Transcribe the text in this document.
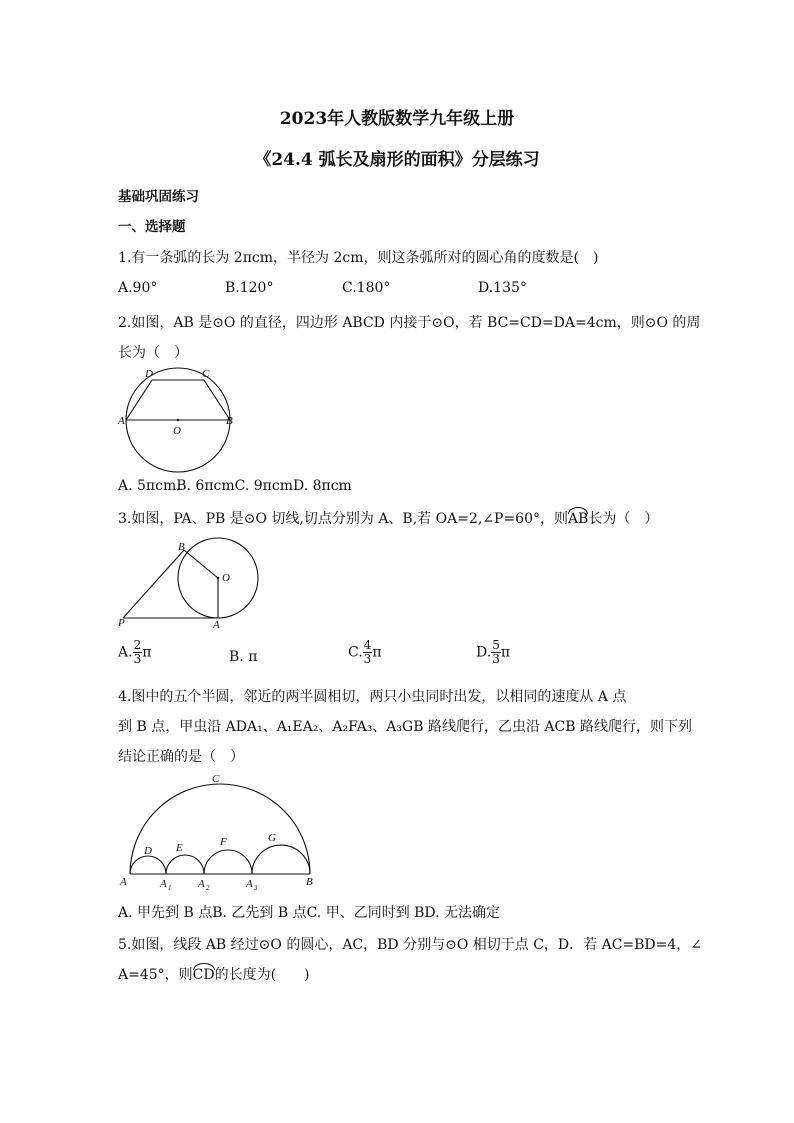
2023年人教版数学九年级上册
《24.4 弧长及扇形的面积》分层练习
基础巩固练习
一、选择题
1.有一条弧的长为 2πcm，半径为 2cm，则这条弧所对的圆心角的度数是(　)
A.90°	B.120°	C.180°	D.135°
2.如图，AB 是⊙O 的直径，四边形 ABCD 内接于⊙O，若 BC=CD=DA=4cm，则⊙O 的周
长为（　）
A	B
C
D
O
A. 5πcmB. 6πcmC. 9πcmD. 8πcm
3.如图，PA、PB 是⊙O 切线,切点分别为 A、B,若 OA=2,∠P=60°，则AB长为（　）
B
O
P	A
A. $\frac{2}{3}$ π	B. π	C. $\frac{4}{3}$ π	D. $\frac{5}{3}$ π
4.图中的五个半圆，邻近的两半圆相切，两只小虫同时出发，以相同的速度从 A 点
到 B 点，甲虫沿 ADA₁、A₁EA₂、A₂FA₃、A₃GB 路线爬行，乙虫沿 ACB 路线爬行，则下列
结论正确的是（　）
C
D E	F	G
A	A 1 A 2	A 3	B
A. 甲先到 B 点B. 乙先到 B 点C. 甲、乙同时到 BD. 无法确定
5.如图，线段 AB 经过⊙O 的圆心，AC，BD 分别与⊙O 相切于点 C，D．若 AC=BD=4，∠
A=45°，则CD的长度为(　　)
